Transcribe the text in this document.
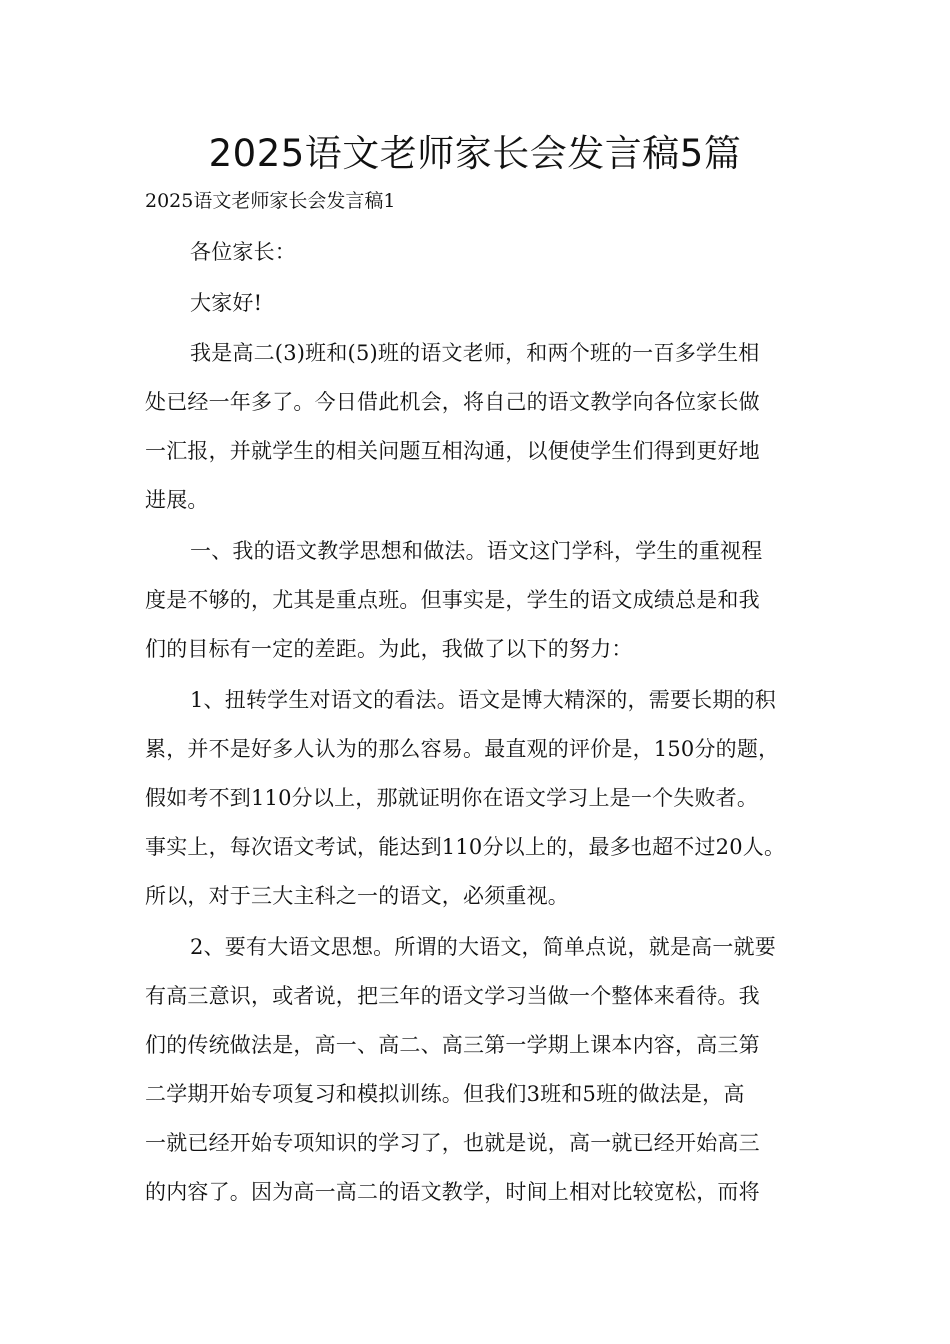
2025语文老师家长会发言稿5篇

2025语文老师家长会发言稿1

各位家长：

大家好!

我是高二(3)班和(5)班的语文老师，和两个班的一百多学生相

处已经一年多了。今日借此机会，将自己的语文教学向各位家长做

一汇报，并就学生的相关问题互相沟通，以便使学生们得到更好地

进展。

一、我的语文教学思想和做法。语文这门学科，学生的重视程

度是不够的，尤其是重点班。但事实是，学生的语文成绩总是和我

们的目标有一定的差距。为此，我做了以下的努力：

1、扭转学生对语文的看法。语文是博大精深的，需要长期的积

累，并不是好多人认为的那么容易。最直观的评价是，150分的题，

假如考不到110分以上，那就证明你在语文学习上是一个失败者。

事实上，每次语文考试，能达到110分以上的，最多也超不过20人。

所以，对于三大主科之一的语文，必须重视。

2、要有大语文思想。所谓的大语文，简单点说，就是高一就要

有高三意识，或者说，把三年的语文学习当做一个整体来看待。我

们的传统做法是，高一、高二、高三第一学期上课本内容，高三第

二学期开始专项复习和模拟训练。但我们3班和5班的做法是，高

一就已经开始专项知识的学习了，也就是说，高一就已经开始高三

的内容了。因为高一高二的语文教学，时间上相对比较宽松，而将
